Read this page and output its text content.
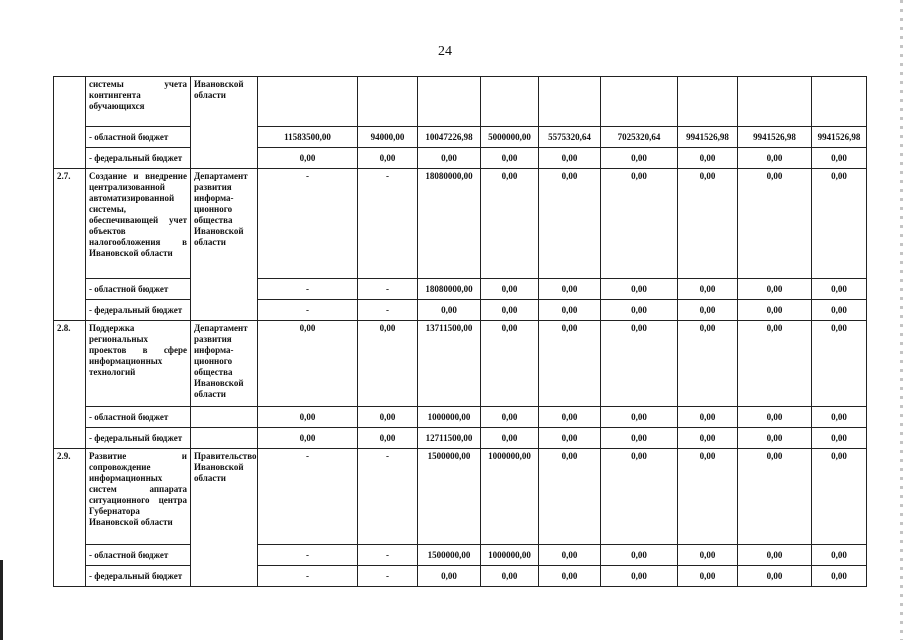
24
	системы учета контингента обучающихся	Ивановской области									
	- областной бюджет		11583500,00	94000,00	10047226,98	5000000,00	5575320,64	7025320,64	9941526,98	9941526,98	9941526,98
	- федеральный бюджет		0,00	0,00	0,00	0,00	0,00	0,00	0,00	0,00	0,00
2.7.	Создание и внедрение централизованной автоматизированной системы, обеспечивающей учет объектов налогообложения в Ивановской области	Департамент развития информа-ционного общества Ивановской области	-	-	18080000,00	0,00	0,00	0,00	0,00	0,00	0,00
	- областной бюджет		-	-	18080000,00	0,00	0,00	0,00	0,00	0,00	0,00
	- федеральный бюджет		-	-	0,00	0,00	0,00	0,00	0,00	0,00	0,00
2.8.	Поддержка региональных проектов в сфере информационных технологий	Департамент развития информа-ционного общества Ивановской области	0,00	0,00	13711500,00	0,00	0,00	0,00	0,00	0,00	0,00
	- областной бюджет		0,00	0,00	1000000,00	0,00	0,00	0,00	0,00	0,00	0,00
	- федеральный бюджет		0,00	0,00	12711500,00	0,00	0,00	0,00	0,00	0,00	0,00
2.9.	Развитие и сопровождение информационных систем аппарата ситуационного центра Губернатора Ивановской области	Правительство Ивановской области	-	-	1500000,00	1000000,00	0,00	0,00	0,00	0,00	0,00
	- областной бюджет		-	-	1500000,00	1000000,00	0,00	0,00	0,00	0,00	0,00
	- федеральный бюджет		-	-	0,00	0,00	0,00	0,00	0,00	0,00	0,00
